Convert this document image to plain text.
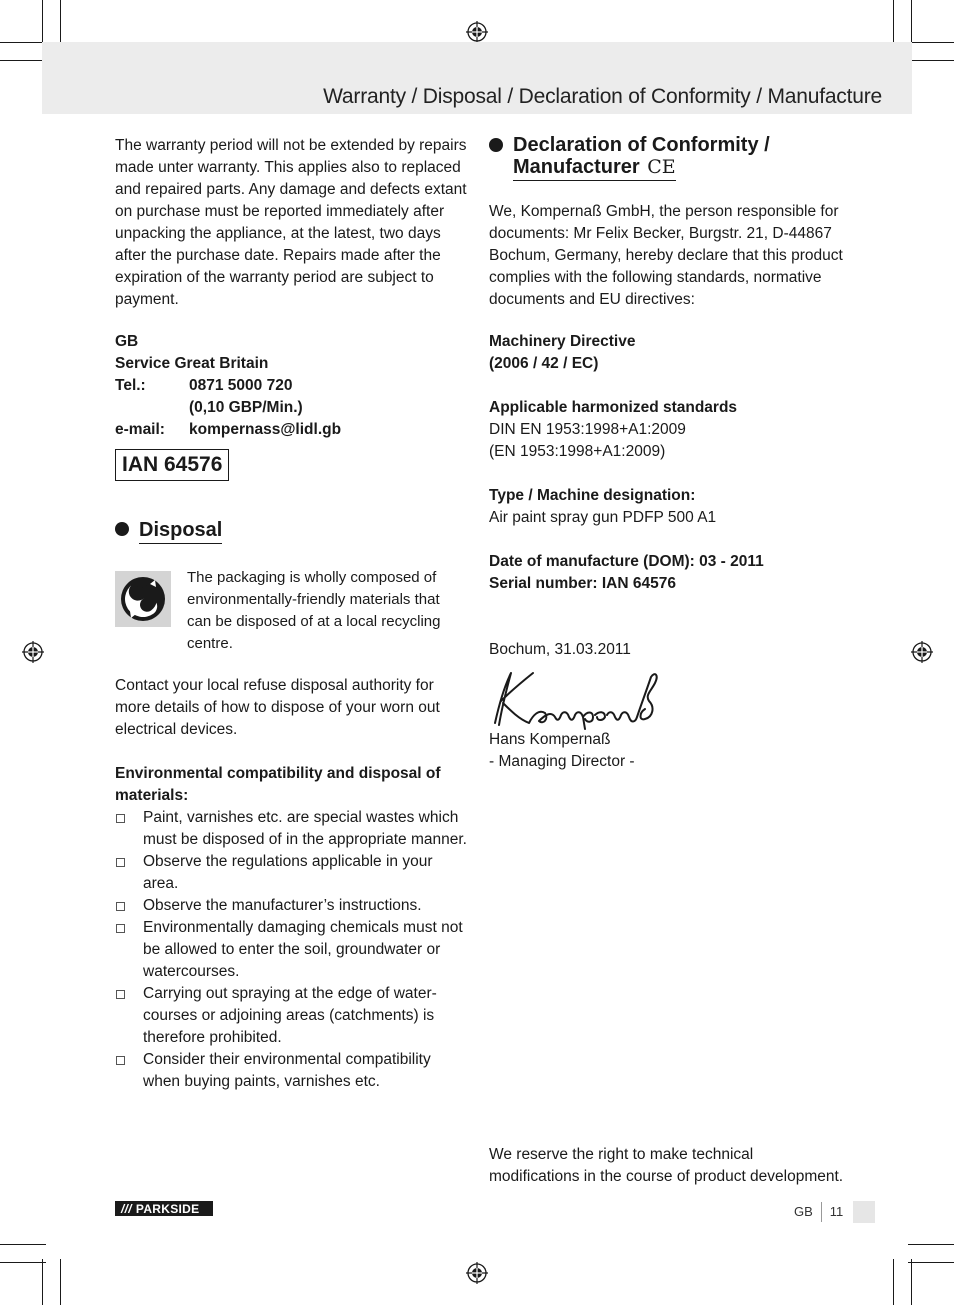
Warranty / Disposal / Declaration of Conformity / Manufacture

The warranty period will not be extended by repairs made unter warranty. This applies also to replaced and repaired parts. Any damage and defects extant on purchase must be reported immediately after unpacking the appliance, at the latest, two days after the purchase date. Repairs made after the expiration of the warranty period are subject to payment.

GB

Service Great Britain

Tel.:	0871 5000 720
(0,10 GBP/Min.)
e-mail:	kompernass@lidl.gb
IAN 64576
Disposal

The packaging is wholly composed of environmentally-friendly materials that can be disposed of at a local recycling centre.

Contact your local refuse disposal authority for more details of how to dispose of your worn out electrical devices.

Environmental compatibility and disposal of materials:

Paint, varnishes etc. are special wastes which must be disposed of in the appropriate manner.
Observe the regulations applicable in your area.
Observe the manufacturer’s instructions.
Environmentally damaging chemicals must not be allowed to enter the soil, groundwater or watercourses.
Carrying out spraying at the edge of water-courses or adjoining areas (catchments) is therefore prohibited.
Consider their environmental compatibility when buying paints, varnishes etc.
Declaration of Conformity /
Manufacturer CE

We, Kompernaß GmbH, the person responsible for documents: Mr Felix Becker, Burgstr. 21, D-44867 Bochum, Germany, hereby declare that this product complies with the following standards, normative documents and EU directives:

Machinery Directive

(2006 / 42 / EC)

Applicable harmonized standards

DIN EN 1953:1998+A1:2009

(EN 1953:1998+A1:2009)

Type / Machine designation:

Air paint spray gun PDFP 500 A1

Date of manufacture (DOM): 03 - 2011

Serial number: IAN 64576

Bochum, 31.03.2011

Hans Kompernaß

- Managing Director -

We reserve the right to make technical modifications in the course of product development.

/// PARKSIDE	GB 11
